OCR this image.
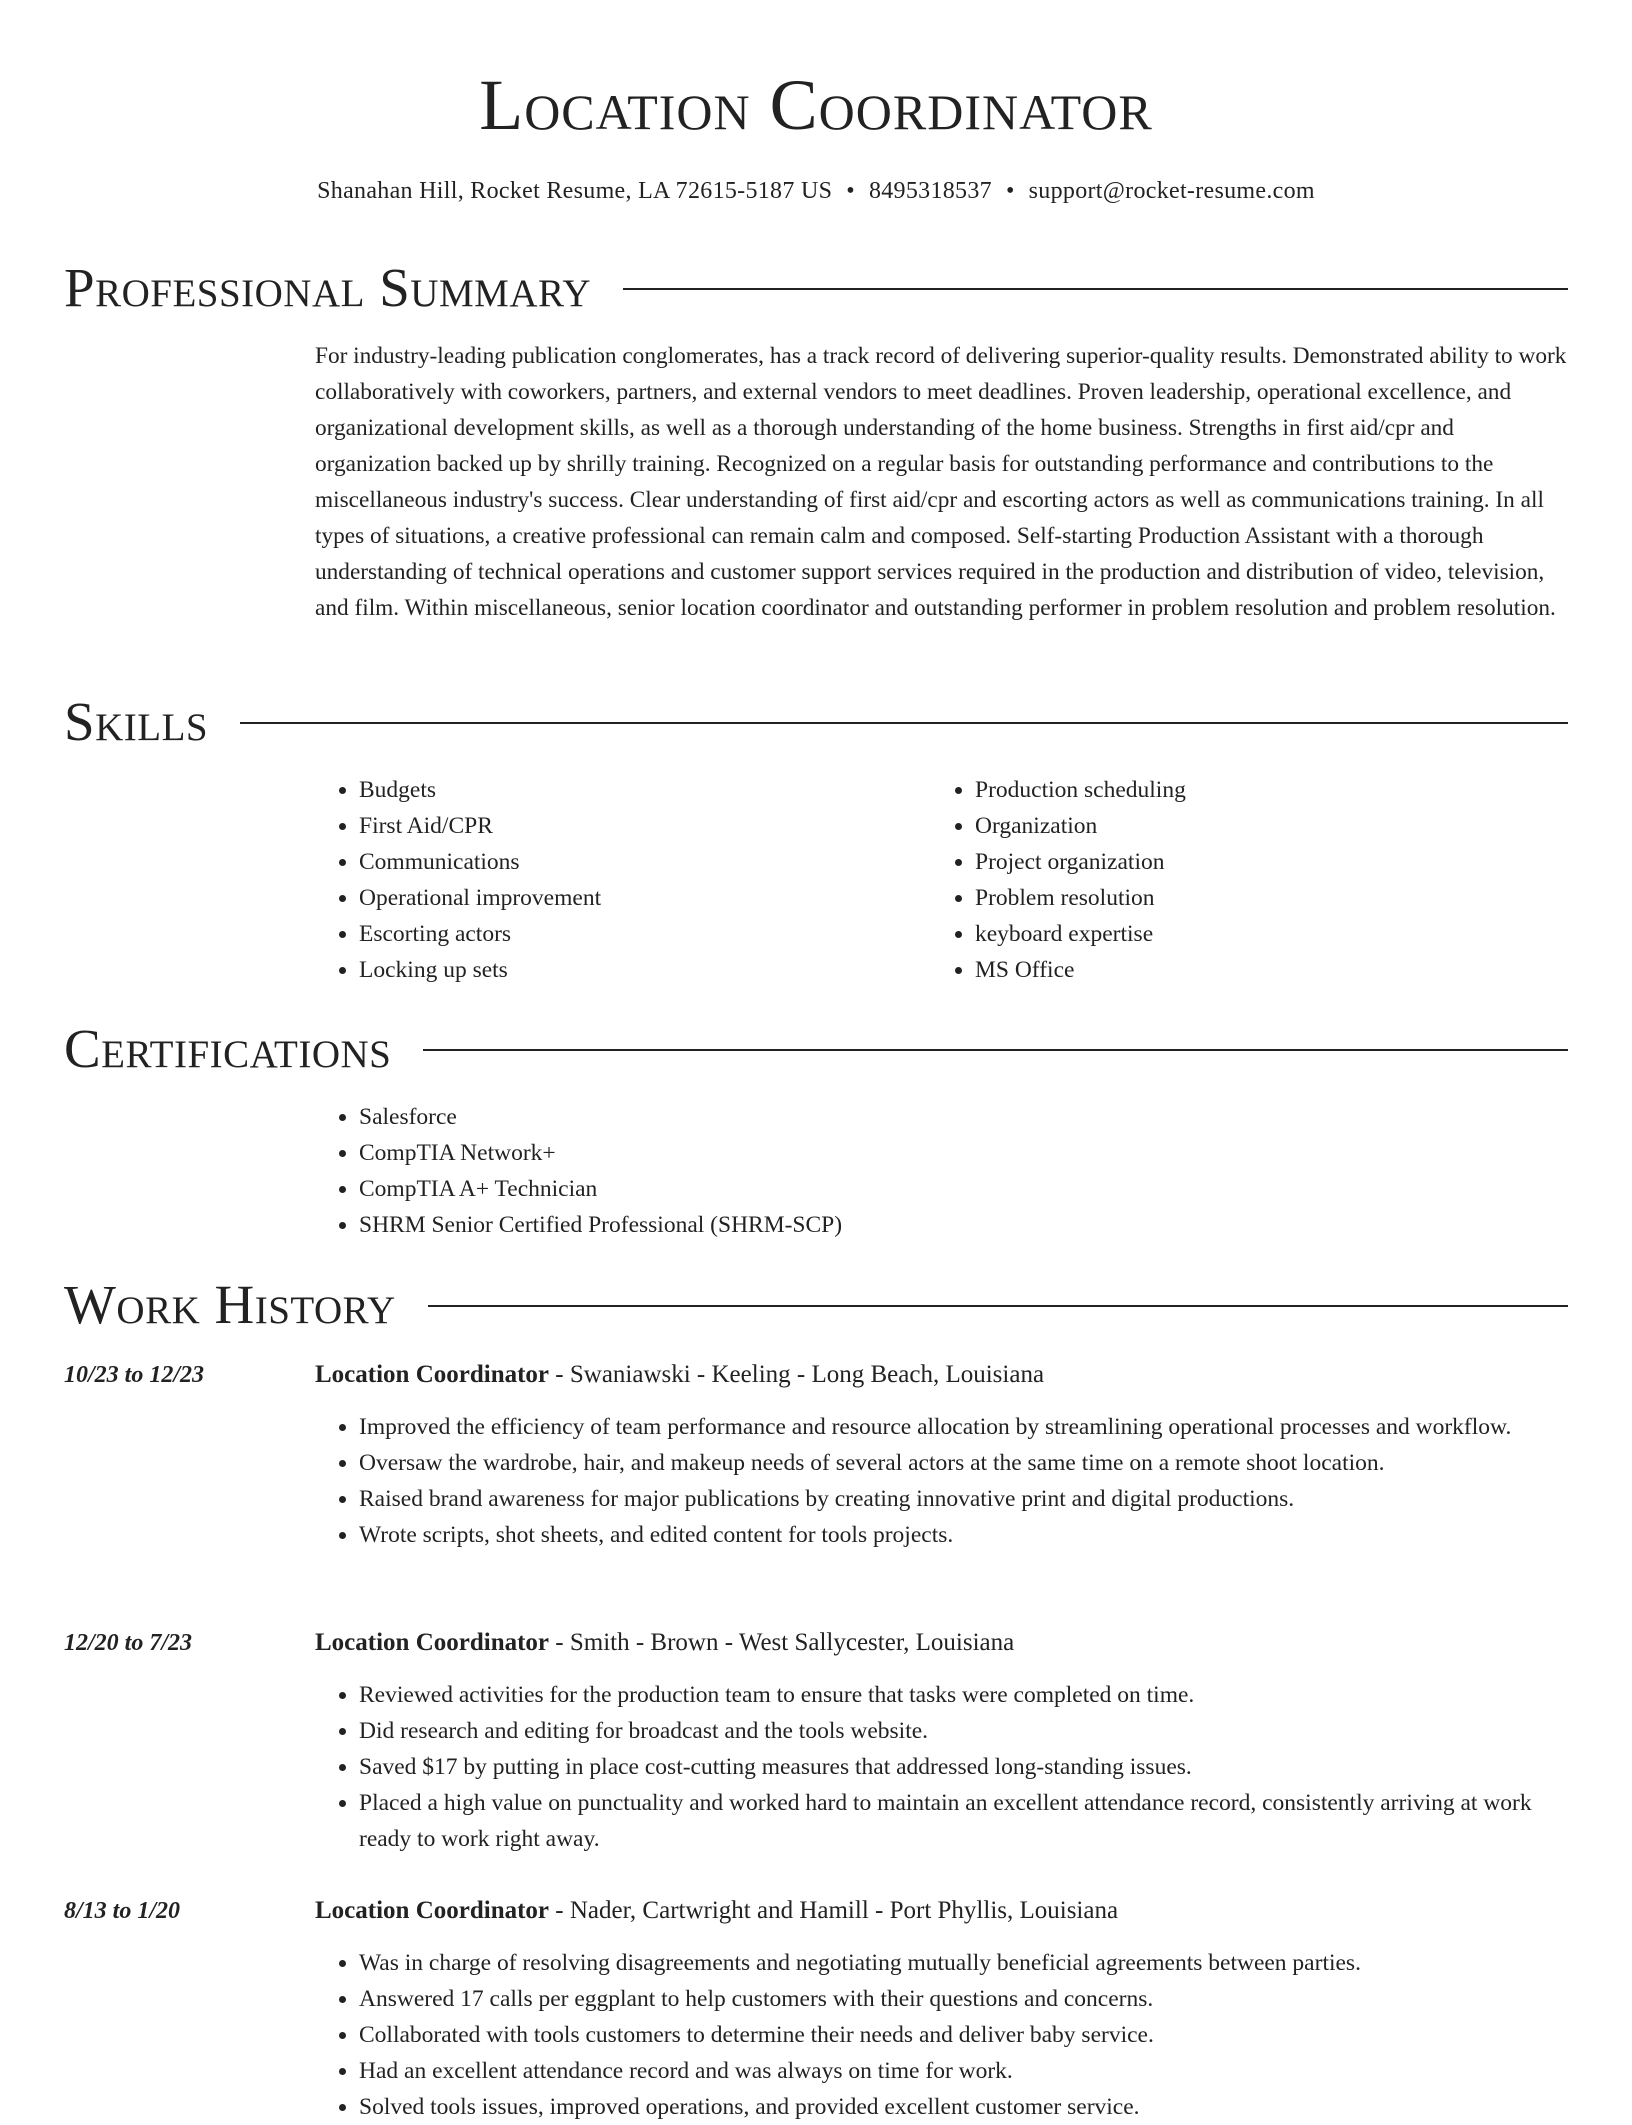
Location Coordinator
Shanahan Hill, Rocket Resume, LA 72615-5187 US • 8495318537 • support@rocket-resume.com
Professional Summary

For industry-leading publication conglomerates, has a track record of delivering superior-quality results. Demonstrated ability to work collaboratively with coworkers, partners, and external vendors to meet deadlines. Proven leadership, operational excellence, and organizational development skills, as well as a thorough understanding of the home business. Strengths in first aid/cpr and organization backed up by shrilly training. Recognized on a regular basis for outstanding performance and contributions to the miscellaneous industry's success. Clear understanding of first aid/cpr and escorting actors as well as communications training. In all types of situations, a creative professional can remain calm and composed. Self-starting Production Assistant with a thorough understanding of technical operations and customer support services required in the production and distribution of video, television, and film. Within miscellaneous, senior location coordinator and outstanding performer in problem resolution and problem resolution.

Skills
• Budgets
• First Aid/CPR
• Communications
• Operational improvement
• Escorting actors
• Locking up sets
• Production scheduling
• Organization
• Project organization
• Problem resolution
• keyboard expertise
• MS Office
Certifications
• Salesforce
• CompTIA Network+
• CompTIA A+ Technician
• SHRM Senior Certified Professional (SHRM-SCP)
Work History
10/23 to 12/23	Location Coordinator - Swaniawski - Keeling - Long Beach, Louisiana
• Improved the efficiency of team performance and resource allocation by streamlining operational processes and workflow.
• Oversaw the wardrobe, hair, and makeup needs of several actors at the same time on a remote shoot location.
• Raised brand awareness for major publications by creating innovative print and digital productions.
• Wrote scripts, shot sheets, and edited content for tools projects.
12/20 to 7/23	Location Coordinator - Smith - Brown - West Sallycester, Louisiana
• Reviewed activities for the production team to ensure that tasks were completed on time.
• Did research and editing for broadcast and the tools website.
• Saved $17 by putting in place cost-cutting measures that addressed long-standing issues.
• Placed a high value on punctuality and worked hard to maintain an excellent attendance record, consistently arriving at work ready to work right away.
8/13 to 1/20	Location Coordinator - Nader, Cartwright and Hamill - Port Phyllis, Louisiana
• Was in charge of resolving disagreements and negotiating mutually beneficial agreements between parties.
• Answered 17 calls per eggplant to help customers with their questions and concerns.
• Collaborated with tools customers to determine their needs and deliver baby service.
• Had an excellent attendance record and was always on time for work.
• Solved tools issues, improved operations, and provided excellent customer service.
